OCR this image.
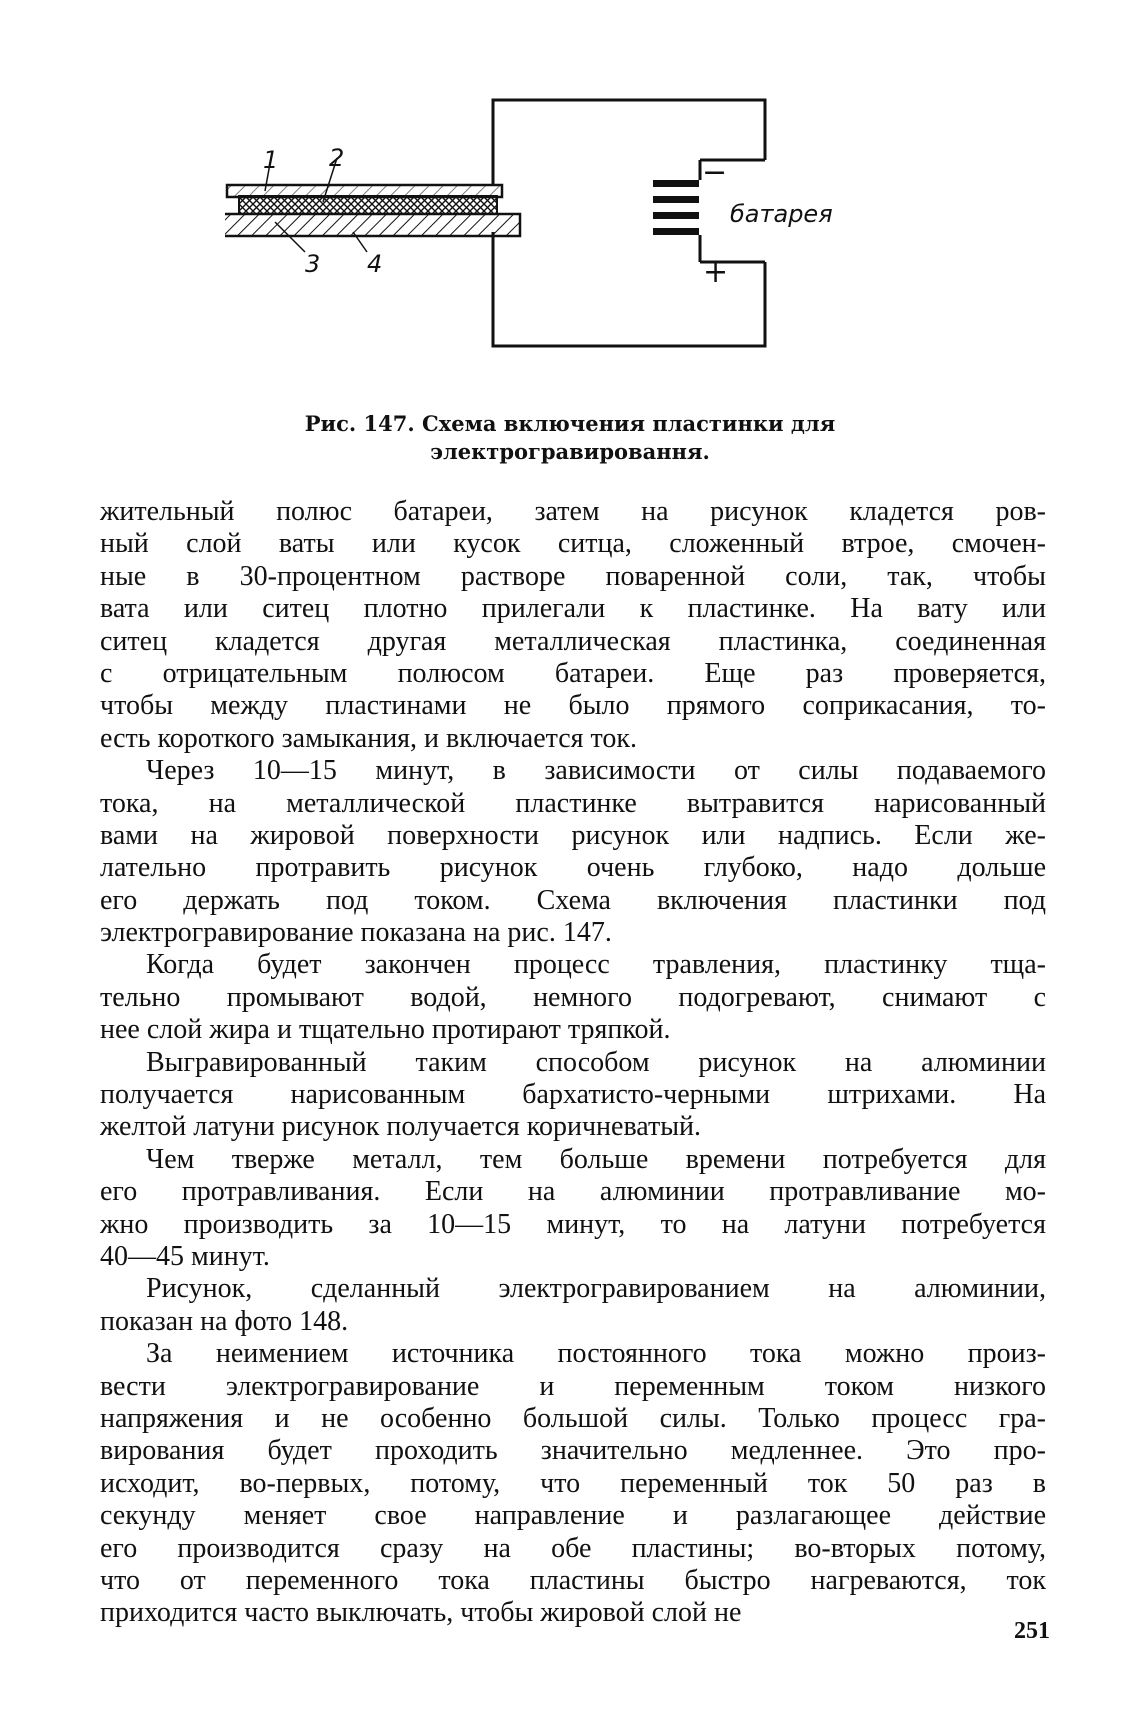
1 2
3 4
−
+
батарея
Рис. 147. Схема включения пластинки для
электрогравировання.
жительный полюс батареи, затем на рисунок кладется ров-
ный слой ваты или кусок ситца, сложенный втрое, смочен-
ные в 30-процентном растворе поваренной соли, так, чтобы
вата или ситец плотно прилегали к пластинке. На вату или
ситец кладется другая металлическая пластинка, соединенная
с отрицательным полюсом батареи. Еще раз проверяется,
чтобы между пластинами не было прямого соприкасания, то-
есть короткого замыкания, и включается ток.
Через 10—15 минут, в зависимости от силы подаваемого
тока, на металлической пластинке вытравится нарисованный
вами на жировой поверхности рисунок или надпись. Если же-
лательно протравить рисунок очень глубоко, надо дольше
его держать под током. Схема включения пластинки под
электрогравирование показана на рис. 147.
Когда будет закончен процесс травления, пластинку тща-
тельно промывают водой, немного подогревают, снимают с
нее слой жира и тщательно протирают тряпкой.
Выгравированный таким способом рисунок на алюминии
получается нарисованным бархатисто-черными штрихами. На
желтой латуни рисунок получается коричневатый.
Чем тверже металл, тем больше времени потребуется для
его протравливания. Если на алюминии протравливание мо-
жно производить за 10—15 минут, то на латуни потребуется
40—45 минут.
Рисунок, сделанный электрогравированием на алюминии,
показан на фото 148.
За неимением источника постоянного тока можно произ-
вести электрогравирование и переменным током низкого
напряжения и не особенно большой силы. Только процесс гра-
вирования будет проходить значительно медленнее. Это про-
исходит, во-первых, потому, что переменный ток 50 раз в
секунду меняет свое направление и разлагающее действие
его производится сразу на обе пластины; во-вторых потому,
что от переменного тока пластины быстро нагреваются, ток
приходится часто выключать, чтобы жировой слой не
251
